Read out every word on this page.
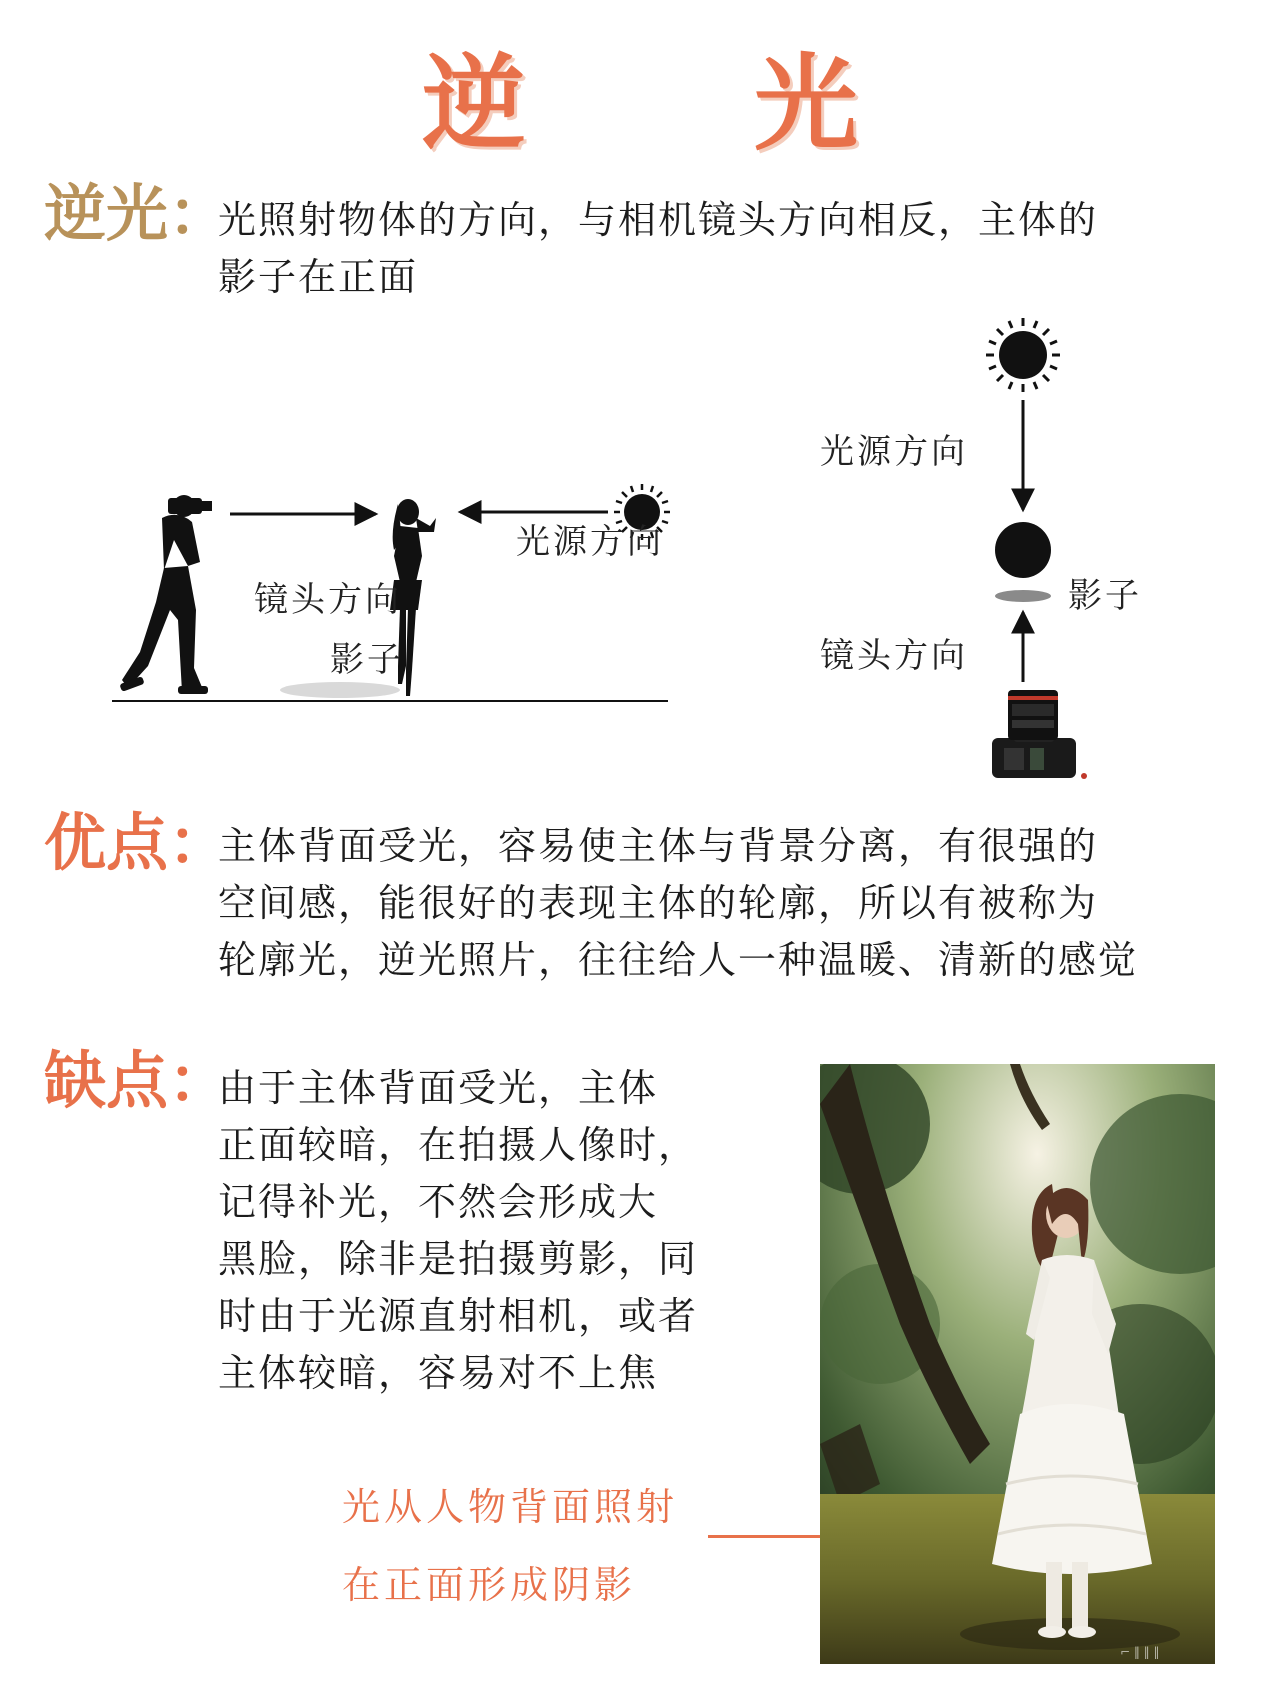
逆 光
逆光：
光照射物体的方向，与相机镜头方向相反，主体的
影子在正面
光源方向
镜头方向
影子
光源方向
影子
镜头方向
优点：
主体背面受光，容易使主体与背景分离，有很强的
空间感，能很好的表现主体的轮廓，所以有被称为
轮廓光，逆光照片，往往给人一种温暖、清新的感觉
缺点：
由于主体背面受光，主体
正面较暗，在拍摄人像时，
记得补光，不然会形成大
黑脸，除非是拍摄剪影，同
时由于光源直射相机，或者
主体较暗，容易对不上焦
光从人物背面照射
在正面形成阴影
⌐ ‖ ‖ ‖
